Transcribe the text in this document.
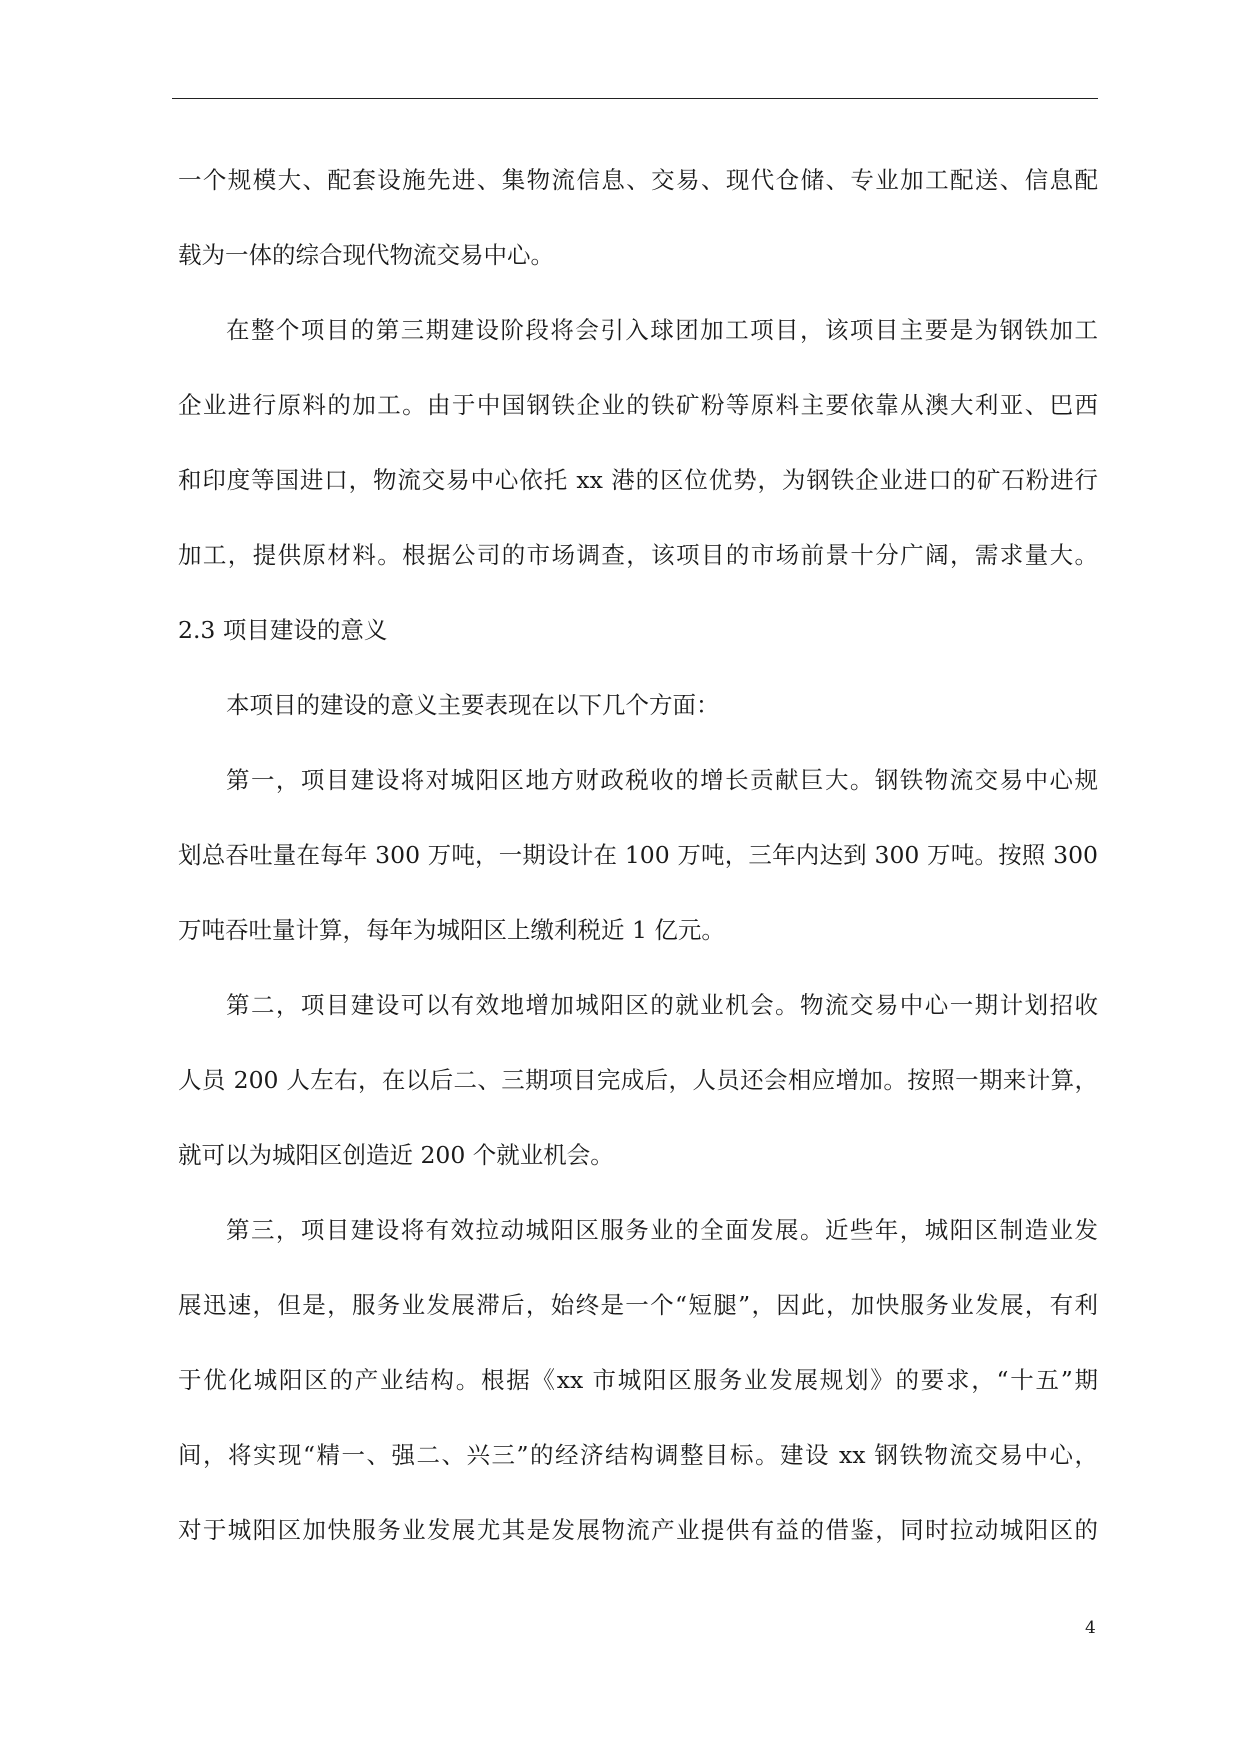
一个规模大、配套设施先进、集物流信息、交易、现代仓储、专业加工配送、信息配
载为一体的综合现代物流交易中心。
在整个项目的第三期建设阶段将会引入球团加工项目，该项目主要是为钢铁加工
企业进行原料的加工。由于中国钢铁企业的铁矿粉等原料主要依靠从澳大利亚、巴西
和印度等国进口，物流交易中心依托 xx 港的区位优势，为钢铁企业进口的矿石粉进行
加工，提供原材料。根据公司的市场调查，该项目的市场前景十分广阔，需求量大。
2.3 项目建设的意义
本项目的建设的意义主要表现在以下几个方面：
第一，项目建设将对城阳区地方财政税收的增长贡献巨大。钢铁物流交易中心规
划总吞吐量在每年 300 万吨，一期设计在 100 万吨，三年内达到 300 万吨。按照 300
万吨吞吐量计算，每年为城阳区上缴利税近 1 亿元。
第二，项目建设可以有效地增加城阳区的就业机会。物流交易中心一期计划招收
人员 200 人左右，在以后二、三期项目完成后，人员还会相应增加。按照一期来计算，
就可以为城阳区创造近 200 个就业机会。
第三，项目建设将有效拉动城阳区服务业的全面发展。近些年，城阳区制造业发
展迅速，但是，服务业发展滞后，始终是一个“短腿”，因此，加快服务业发展，有利
于优化城阳区的产业结构。根据《xx 市城阳区服务业发展规划》的要求，“十五”期
间，将实现“精一、强二、兴三”的经济结构调整目标。建设 xx 钢铁物流交易中心，
对于城阳区加快服务业发展尤其是发展物流产业提供有益的借鉴，同时拉动城阳区的
4
